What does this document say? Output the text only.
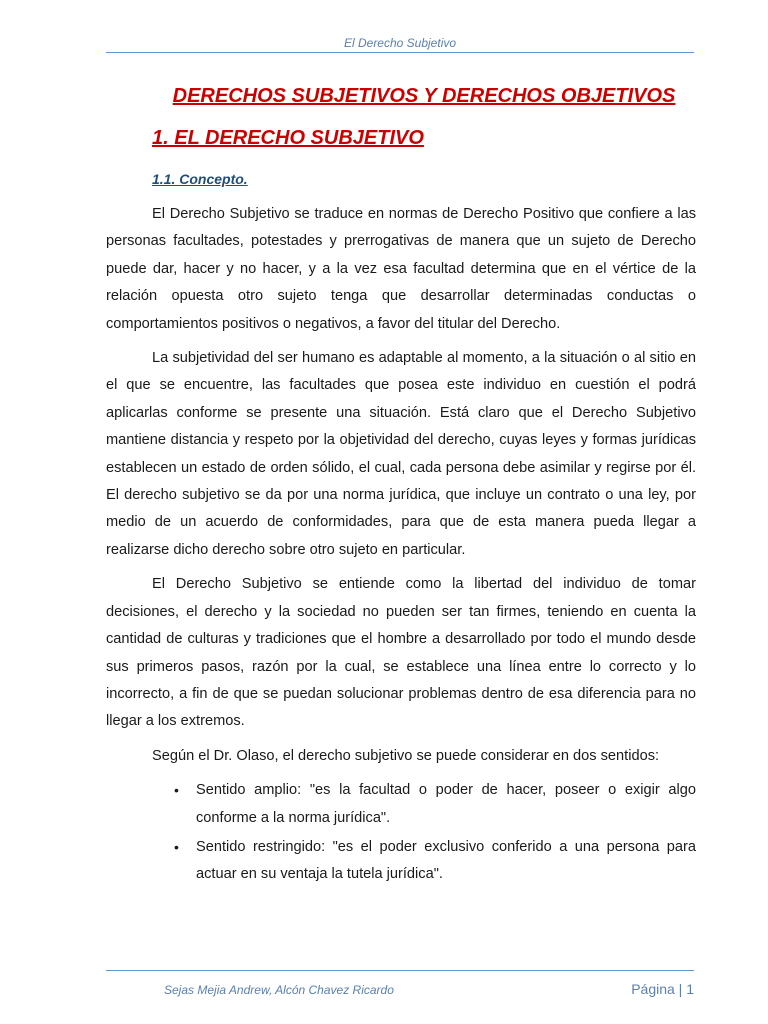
El Derecho Subjetivo
DERECHOS SUBJETIVOS Y DERECHOS OBJETIVOS
1. EL DERECHO SUBJETIVO
1.1. Concepto.

El Derecho Subjetivo se traduce en normas de Derecho Positivo que confiere a las personas facultades, potestades y prerrogativas de manera que un sujeto de Derecho puede dar, hacer y no hacer, y a la vez esa facultad determina que en el vértice de la relación opuesta otro sujeto tenga que desarrollar determinadas conductas o comportamientos positivos o negativos, a favor del titular del Derecho.

La subjetividad del ser humano es adaptable al momento, a la situación o al sitio en el que se encuentre, las facultades que posea este individuo en cuestión el podrá aplicarlas conforme se presente una situación. Está claro que el Derecho Subjetivo mantiene distancia y respeto por la objetividad del derecho, cuyas leyes y formas jurídicas establecen un estado de orden sólido, el cual, cada persona debe asimilar y regirse por él. El derecho subjetivo se da por una norma jurídica, que incluye un contrato o una ley, por medio de un acuerdo de conformidades, para que de esta manera pueda llegar a realizarse dicho derecho sobre otro sujeto en particular.

El Derecho Subjetivo se entiende como la libertad del individuo de tomar decisiones, el derecho y la sociedad no pueden ser tan firmes, teniendo en cuenta la cantidad de culturas y tradiciones que el hombre a desarrollado por todo el mundo desde sus primeros pasos, razón por la cual, se establece una línea entre lo correcto y lo incorrecto, a fin de que se puedan solucionar problemas dentro de esa diferencia para no llegar a los extremos.

Según el Dr. Olaso, el derecho subjetivo se puede considerar en dos sentidos:

• Sentido amplio: "es la facultad o poder de hacer, poseer o exigir algo conforme a la norma jurídica".
• Sentido restringido: "es el poder exclusivo conferido a una persona para actuar en su ventaja la tutela jurídica".
Sejas Mejia Andrew, Alcón Chavez Ricardo	Página | 1
